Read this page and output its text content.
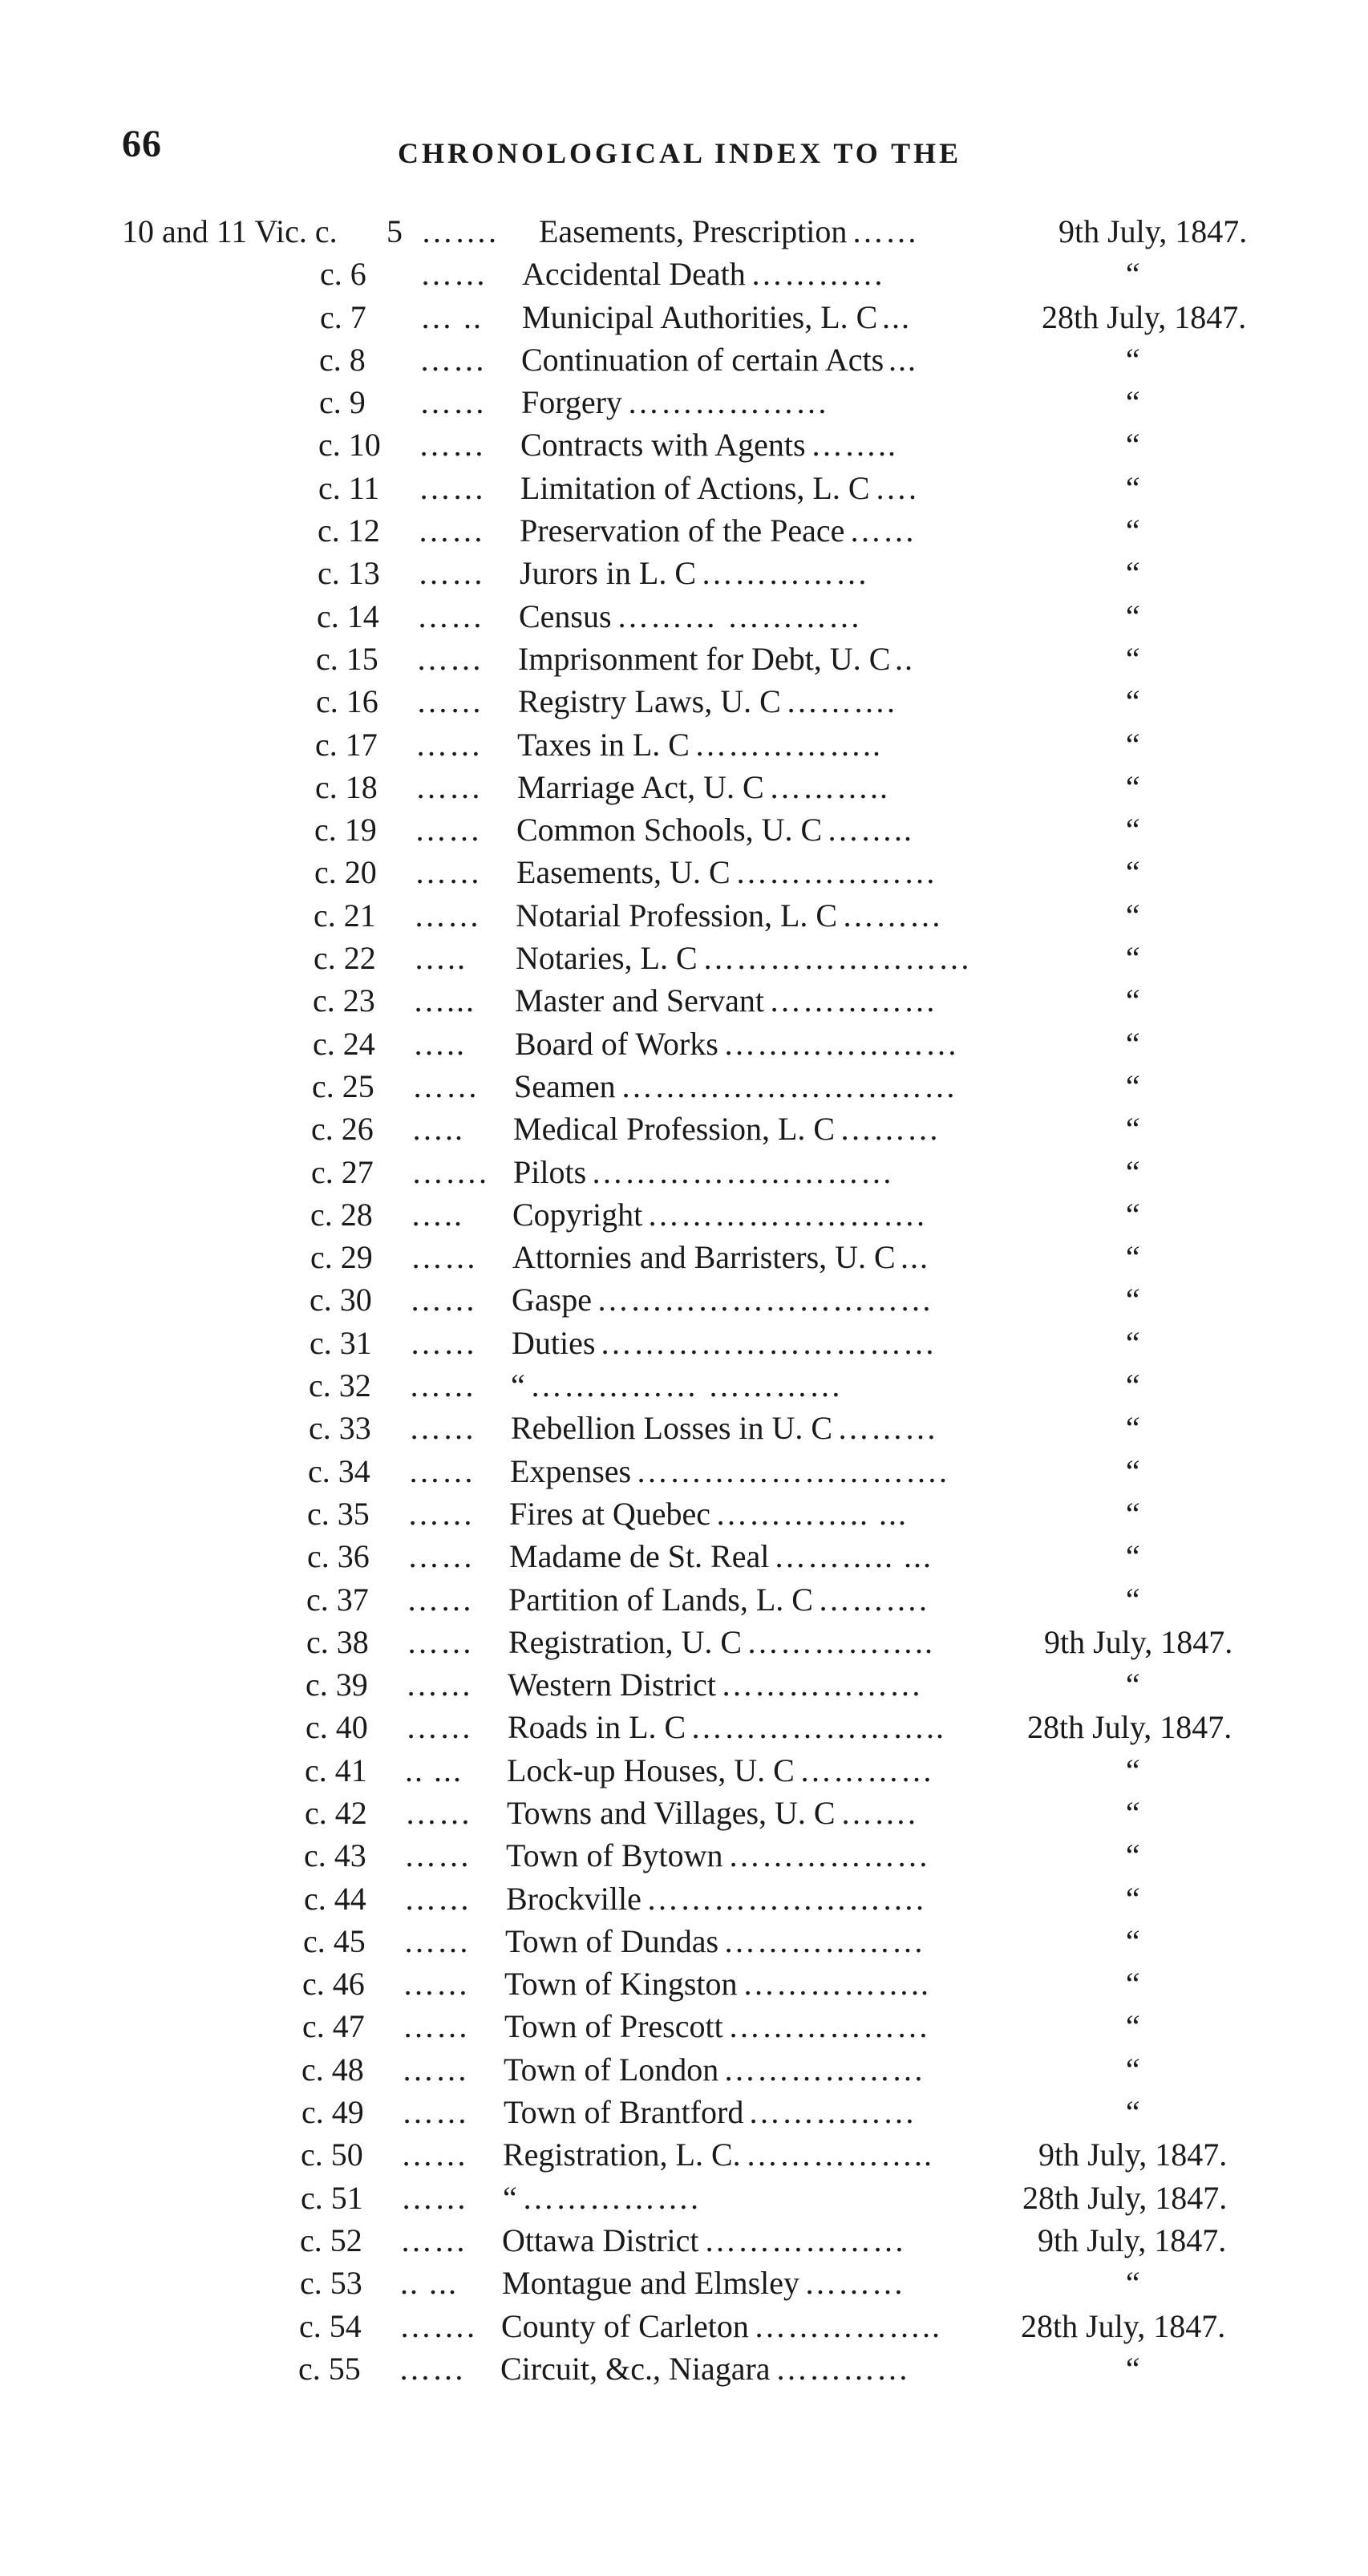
66	CHRONOLOGICAL INDEX TO THE
10 and 11 Vic. c. 5 ……. Easements, Prescription ……	9th July, 1847.
c. 6	…… Accidental Death …………	“
c. 7	… .. Municipal Authorities, L. C ...	28th July, 1847.
c. 8	…… Continuation of certain Acts ...	“
c. 9	…… Forgery ………………	“
c. 10	…… Contracts with Agents ……..	“
c. 11	…… Limitation of Actions, L. C ….	“
c. 12	…… Preservation of the Peace ……	“
c. 13	…… Jurors in L. C ……………	“
c. 14	…… Census ……… …………	“
c. 15	…… Imprisonment for Debt, U. C ..	“
c. 16	…… Registry Laws, U. C ……….	“
c. 17	…… Taxes in L. C ……………..	“
c. 18	…… Marriage Act, U. C ………..	“
c. 19	…… Common Schools, U. C ……..	“
c. 20	…… Easements, U. C ………………	“
c. 21	…… Notarial Profession, L. C ………	“
c. 22	….. Notaries, L. C ……………………	“
c. 23	…... Master and Servant ……………	“
c. 24	….. Board of Works …………………	“
c. 25	…… Seamen …………………………	“
c. 26	….. Medical Profession, L. C ………	“
c. 27	……. Pilots ………………………	“
c. 28	….. Copyright …………………….	“
c. 29	…… Attornies and Barristers, U. C ...	“
c. 30	…… Gaspe …………………………	“
c. 31	…… Duties …………………………	“
c. 32	…… “ …………… …………	“
c. 33	…… Rebellion Losses in U. C ………	“
c. 34	…… Expenses ……………………….	“
c. 35	…… Fires at Quebec ………….. ...	“
c. 36	…… Madame de St. Real ……….. ...	“
c. 37	…… Partition of Lands, L. C ……….	“
c. 38	…… Registration, U. C ……………..	9th July, 1847.
c. 39	…… Western District ………………	“
c. 40	…… Roads in L. C …………………..	28th July, 1847.
c. 41	.. ... Lock-up Houses, U. C …………	“
c. 42	…… Towns and Villages, U. C …….	“
c. 43	…… Town of Bytown ………………	“
c. 44	…… Brockville …………………….	“
c. 45	…… Town of Dundas ………………	“
c. 46	…… Town of Kingston ……………..	“
c. 47	…… Town of Prescott ………………	“
c. 48	…… Town of London ………………	“
c. 49	…… Town of Brantford ……………	“
c. 50	…… Registration, L. C. ……………..	9th July, 1847.
c. 51	…… “ …………….	28th July, 1847.
c. 52	…… Ottawa District ………………	9th July, 1847.
c. 53	.. ... Montague and Elmsley ………	“
c. 54	……. County of Carleton …………….. 28th July, 1847.
c. 55	…… Circuit, &c., Niagara …………	“
